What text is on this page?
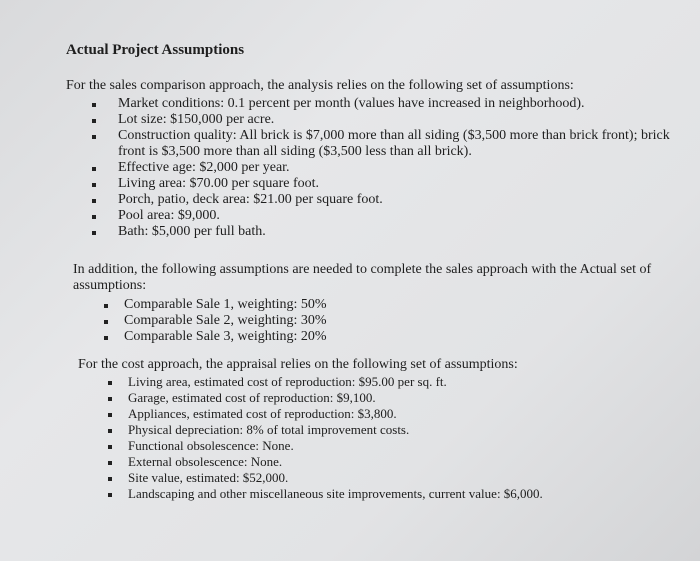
Actual Project Assumptions
For the sales comparison approach, the analysis relies on the following set of assumptions:
Market conditions: 0.1 percent per month (values have increased in neighborhood).
Lot size: $150,000 per acre.
Construction quality: All brick is $7,000 more than all siding ($3,500 more than brick front); brick front is $3,500 more than all siding ($3,500 less than all brick).
Effective age: $2,000 per year.
Living area: $70.00 per square foot.
Porch, patio, deck area: $21.00 per square foot.
Pool area: $9,000.
Bath: $5,000 per full bath.
In addition, the following assumptions are needed to complete the sales approach with the Actual set of assumptions:
Comparable Sale 1, weighting: 50%
Comparable Sale 2, weighting: 30%
Comparable Sale 3, weighting: 20%
For the cost approach, the appraisal relies on the following set of assumptions:
Living area, estimated cost of reproduction: $95.00 per sq. ft.
Garage, estimated cost of reproduction: $9,100.
Appliances, estimated cost of reproduction: $3,800.
Physical depreciation: 8% of total improvement costs.
Functional obsolescence: None.
External obsolescence: None.
Site value, estimated: $52,000.
Landscaping and other miscellaneous site improvements, current value: $6,000.
